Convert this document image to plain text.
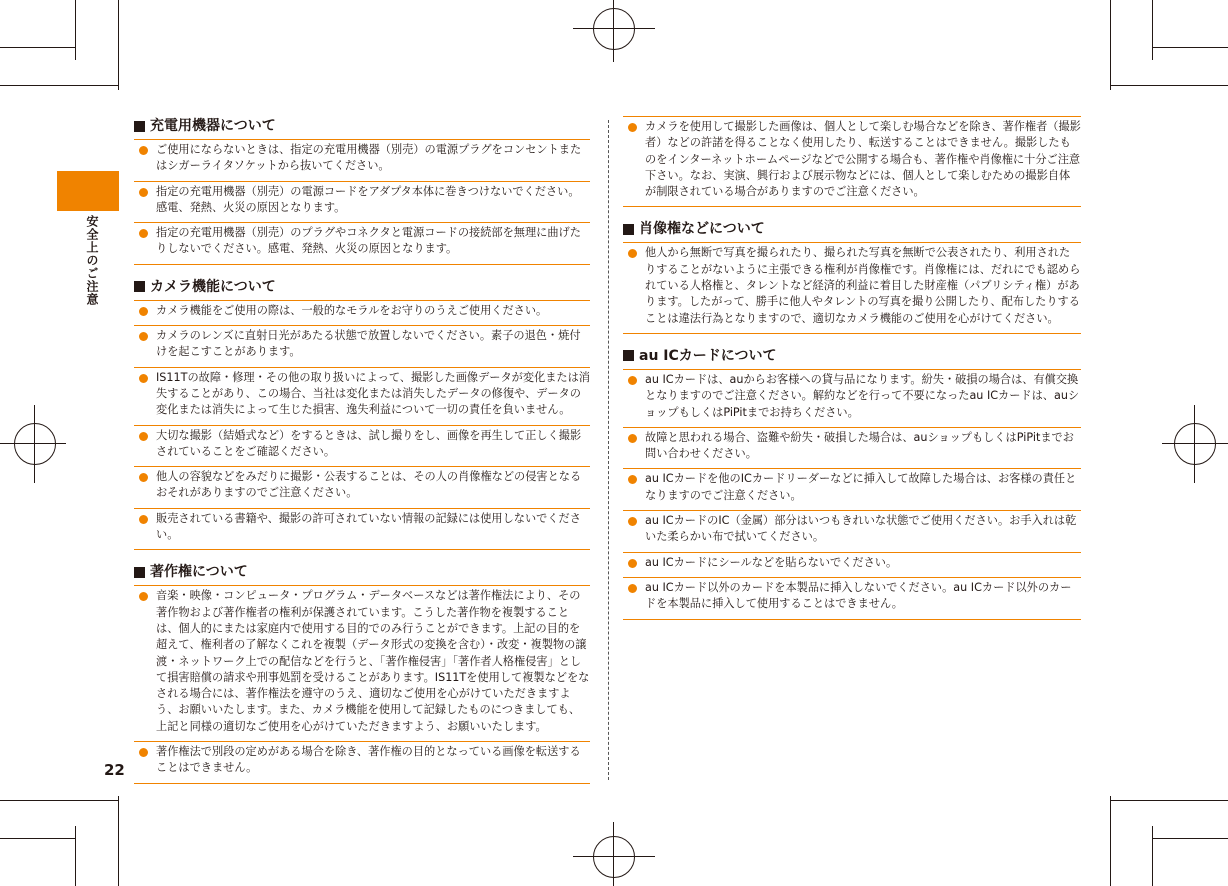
安全上のご注意
22
充電用機器について
ご使用にならないときは、指定の充電用機器（別売）の電源プラグをコンセントまたはシガーライタソケットから抜いてください。
指定の充電用機器（別売）の電源コードをアダプタ本体に巻きつけないでください。感電、発熱、火災の原因となります。
指定の充電用機器（別売）のプラグやコネクタと電源コードの接続部を無理に曲げたりしないでください。感電、発熱、火災の原因となります。
カメラ機能について
カメラ機能をご使用の際は、一般的なモラルをお守りのうえご使用ください。
カメラのレンズに直射日光があたる状態で放置しないでください。素子の退色・焼付けを起こすことがあります。
IS11Tの故障・修理・その他の取り扱いによって、撮影した画像データが変化または消失することがあり、この場合、当社は変化または消失したデータの修復や、データの変化または消失によって生じた損害、逸失利益について一切の責任を負いません。
大切な撮影（結婚式など）をするときは、試し撮りをし、画像を再生して正しく撮影されていることをご確認ください。
他人の容貌などをみだりに撮影・公表することは、その人の肖像権などの侵害となるおそれがありますのでご注意ください。
販売されている書籍や、撮影の許可されていない情報の記録には使用しないでください。
著作権について
音楽・映像・コンピュータ・プログラム・データベースなどは著作権法により、その著作物および著作権者の権利が保護されています。こうした著作物を複製することは、個人的にまたは家庭内で使用する目的でのみ行うことができます。上記の目的を超えて、権利者の了解なくこれを複製（データ形式の変換を含む）・改変・複製物の譲渡・ネットワーク上での配信などを行うと、「著作権侵害」「著作者人格権侵害」として損害賠償の請求や刑事処罰を受けることがあります。IS11Tを使用して複製などをなされる場合には、著作権法を遵守のうえ、適切なご使用を心がけていただきますよう、お願いいたします。また、カメラ機能を使用して記録したものにつきましても、上記と同様の適切なご使用を心がけていただきますよう、お願いいたします。
著作権法で別段の定めがある場合を除き、著作権の目的となっている画像を転送することはできません。
カメラを使用して撮影した画像は、個人として楽しむ場合などを除き、著作権者（撮影者）などの許諾を得ることなく使用したり、転送することはできません。撮影したものをインターネットホームページなどで公開する場合も、著作権や肖像権に十分ご注意下さい。なお、実演、興行および展示物などには、個人として楽しむための撮影自体が制限されている場合がありますのでご注意ください。
肖像権などについて
他人から無断で写真を撮られたり、撮られた写真を無断で公表されたり、利用されたりすることがないように主張できる権利が肖像権です。肖像権には、だれにでも認められている人格権と、タレントなど経済的利益に着目した財産権（パブリシティ権）があります。したがって、勝手に他人やタレントの写真を撮り公開したり、配布したりすることは違法行為となりますので、適切なカメラ機能のご使用を心がけてください。
au ICカードについて
au ICカードは、auからお客様への貸与品になります。紛失・破損の場合は、有償交換となりますのでご注意ください。解約などを行って不要になったau ICカードは、auショップもしくはPiPitまでお持ちください。
故障と思われる場合、盗難や紛失・破損した場合は、auショップもしくはPiPitまでお問い合わせください。
au ICカードを他のICカードリーダーなどに挿入して故障した場合は、お客様の責任となりますのでご注意ください。
au ICカードのIC（金属）部分はいつもきれいな状態でご使用ください。お手入れは乾いた柔らかい布で拭いてください。
au ICカードにシールなどを貼らないでください。
au ICカード以外のカードを本製品に挿入しないでください。au ICカード以外のカードを本製品に挿入して使用することはできません。
